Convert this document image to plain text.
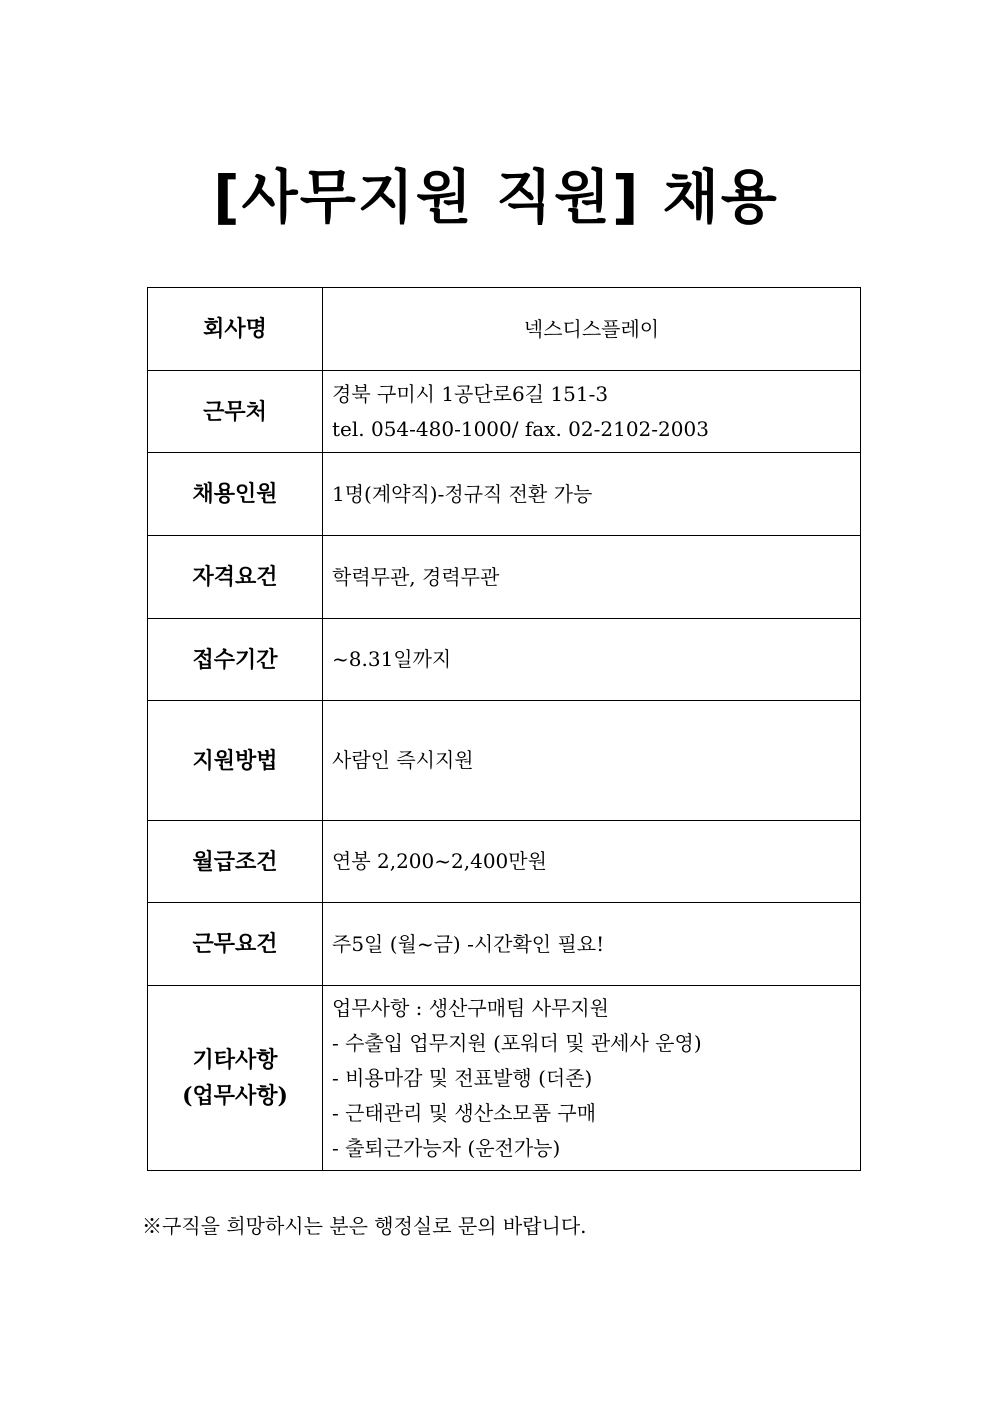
[사무지원 직원] 채용
회사명	넥스디스플레이

근무처	경북 구미시 1공단로6길 151-3
tel. 054-480-1000/ fax. 02-2102-2003

채용인원	1명(계약직)-정규직 전환 가능

자격요건	학력무관, 경력무관

접수기간	~8.31일까지

지원방법	사람인 즉시지원

월급조건	연봉 2,200~2,400만원

근무요건	주5일 (월~금) -시간확인 필요!

기타사항
(업무사항)	업무사항 : 생산구매팀 사무지원
- 수출입 업무지원 (포워더 및 관세사 운영)
- 비용마감 및 전표발행 (더존)
- 근태관리 및 생산소모품 구매
- 출퇴근가능자 (운전가능)

※구직을 희망하시는 분은 행정실로 문의 바랍니다.
